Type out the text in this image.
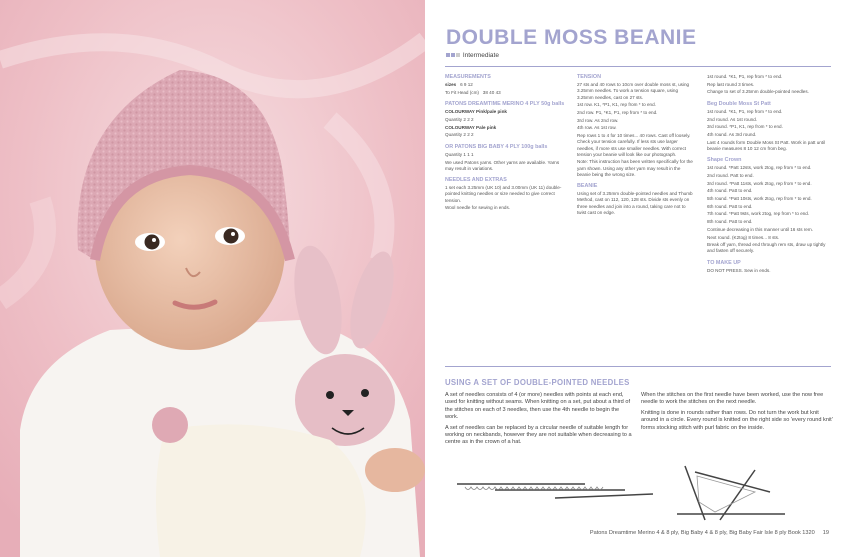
DOUBLE MOSS BEANIE
Intermediate
MEASUREMENTS

sizes 6 9 12

To Fit Head (cm) 38 40 43

PATONS DREAMTIME MERINO 4 PLY 50g balls

COLOURWAY Pink/pale pink

Quantity 2 2 2

COLOURWAY Pale pink

Quantity 2 2 2

OR PATONS BIG BABY 4 PLY 100g balls

Quantity 1 1 1

We used Patons yarns. Other yarns are available. Yarns may result in variations.

NEEDLES AND EXTRAS

1 set each 3.25mm (UK 10) and 3.00mm (UK 11) double-pointed knitting needles or size needed to give correct tension.

Wool needle for sewing in ends.

TENSION

27 sts and 40 rows to 10cm over double moss st, using 3.25mm needles. To work a tension square, using 3.25mm needles, cast on 27 sts.

1st row. K1, *P1, K1, rep from * to end.

2nd row. P1, *K1, P1, rep from * to end.

3rd row. As 2nd row.

4th row. As 1st row.

Rep rows 1 to 4 for 10 times... 40 rows. Cast off loosely. Check your tension carefully. If less sts use larger needles, if more sts use smaller needles. With correct tension your beanie will look like our photograph.

Note: This instruction has been written specifically for the yarn shown. Using any other yarn may result in the beanie being the wrong size.

BEANIE

Using set of 3.25mm double-pointed needles and Thumb Method, cast on 112, 120, 128 sts. Divide sts evenly on three needles and join into a round, taking care not to twist cast on edge.

1st round. *K1, P1, rep from * to end.

Rep last round 3 times.

Change to set of 3.25mm double-pointed needles.

Beg Double Moss St Patt

1st round. *K1, P1, rep from * to end.

2nd round. As 1st round.

3rd round. *P1, K1, rep from * to end.

4th round. As 3rd round.

Last 4 rounds form Double Moss St Patt. Work in patt until beanie measures 8 10 12 cm from beg.

Shape Crown

1st round. *Patt 12sts, work 2tog, rep from * to end.

2nd round. Patt to end.

3rd round. *Patt 11sts, work 2tog, rep from * to end.

4th round. Patt to end.

5th round. *Patt 10sts, work 2tog, rep from * to end.

6th round. Patt to end.

7th round. *Patt 9sts, work 2tog, rep from * to end.

8th round. Patt to end.

Continue decreasing in this manner until 16 sts rem.

Next round. (K2tog) 8 times... 8 sts.

Break off yarn, thread end through rem sts, draw up tightly and fasten off securely.

TO MAKE UP

DO NOT PRESS. Sew in ends.

USING A SET OF DOUBLE-POINTED NEEDLES

A set of needles consists of 4 (or more) needles with points at each end, used for knitting without seams. When knitting on a set, put about a third of the stitches on each of 3 needles, then use the 4th needle to begin the work.

A set of needles can be replaced by a circular needle of suitable length for working on neckbands, however they are not suitable when decreasing to a centre as in the crown of a hat.

When the stitches on the first needle have been worked, use the now free needle to work the stitches on the next needle.

Knitting is done in rounds rather than rows. Do not turn the work but knit around in a circle. Every round is knitted on the right side so 'every round knit' forms stocking stitch with purl fabric on the inside.

Patons Dreamtime Merino 4 & 8 ply, Big Baby 4 & 8 ply, Big Baby Fair Isle 8 ply Book 1320 19
